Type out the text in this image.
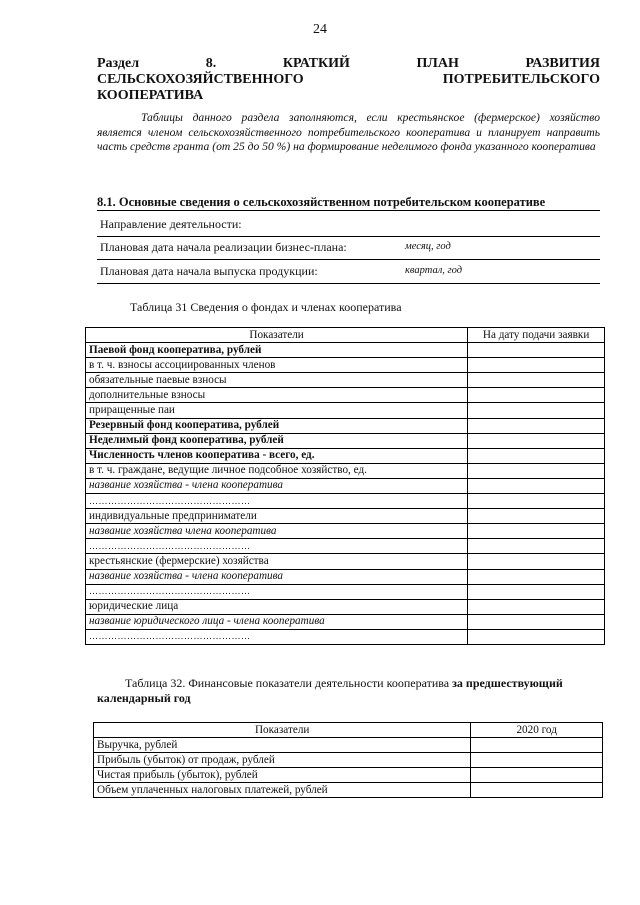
24
Раздел	8.	КРАТКИЙ	ПЛАН	РАЗВИТИЯ
СЕЛЬСКОХОЗЯЙСТВЕННОГО	ПОТРЕБИТЕЛЬСКОГО
КООПЕРАТИВА
Таблицы данного раздела заполняются, если крестьянское (фермерское) хозяйство является членом сельскохозяйственного потребительского кооператива и планирует направить часть средств гранта (от 25 до 50 %) на формирование неделимого фонда указанного кооператива
8.1. Основные сведения о сельскохозяйственном потребительском кооперативе
Направление деятельности:
Плановая дата начала реализации бизнес-плана:	месяц, год
Плановая дата начала выпуска продукции:	квартал, год
Таблица 31 Сведения о фондах и членах кооператива
Показатели	На дату подачи заявки
Паевой фонд кооператива, рублей	
в т. ч. взносы ассоциированных членов	
обязательные паевые взносы	
дополнительные взносы	
приращенные паи	
Резервный фонд кооператива, рублей	
Неделимый фонд кооператива, рублей	
Численность членов кооператива - всего, ед.	
в т. ч. граждане, ведущие личное подсобное хозяйство, ед.	
название хозяйства - члена кооператива	
……………………………………………	
индивидуальные предприниматели	
название хозяйства члена кооператива	
……………………………………………	
крестьянские (фермерские) хозяйства	
название хозяйства - члена кооператива	
……………………………………………	
юридические лица	
название юридического лица - члена кооператива	
……………………………………………	
Таблица 32. Финансовые показатели деятельности кооператива за предшествующий календарный год
Показатели	2020 год
Выручка, рублей	
Прибыль (убыток) от продаж, рублей	
Чистая прибыль (убыток), рублей	
Объем уплаченных налоговых платежей, рублей	
